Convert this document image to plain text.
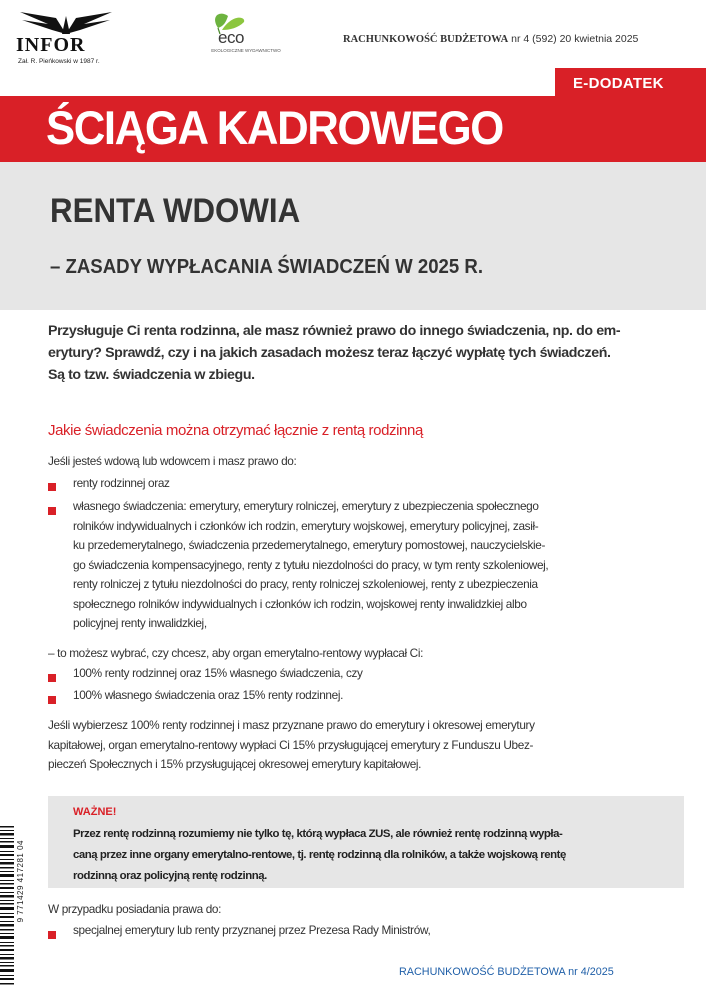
INFOR
Zał. R. Pieńkowski w 1987 r.
eco
EKOLOGICZNE WYDAWNICTWO
RACHUNKOWOŚĆ BUDŻETOWA nr 4 (592) 20 kwietnia 2025
E-DODATEK
ŚCIĄGA KADROWEGO
RENTA WDOWIA
– ZASADY WYPŁACANIA ŚWIADCZEŃ W 2025 R.
Przysługuje Ci renta rodzinna, ale masz również prawo do innego świadczenia, np. do em-
erytury? Sprawdź, czy i na jakich zasadach możesz teraz łączyć wypłatę tych świadczeń.
Są to tzw. świadczenia w zbiegu.
Jakie świadczenia można otrzymać łącznie z rentą rodzinną
Jeśli jesteś wdową lub wdowcem i masz prawo do:
renty rodzinnej oraz
własnego świadczenia: emerytury, emerytury rolniczej, emerytury z ubezpieczenia społecznego
rolników indywidualnych i członków ich rodzin, emerytury wojskowej, emerytury policyjnej, zasił-
ku przedemerytalnego, świadczenia przedemerytalnego, emerytury pomostowej, nauczycielskie-
go świadczenia kompensacyjnego, renty z tytułu niezdolności do pracy, w tym renty szkoleniowej,
renty rolniczej z tytułu niezdolności do pracy, renty rolniczej szkoleniowej, renty z ubezpieczenia
społecznego rolników indywidualnych i członków ich rodzin, wojskowej renty inwalidzkiej albo
policyjnej renty inwalidzkiej,
– to możesz wybrać, czy chcesz, aby organ emerytalno-rentowy wypłacał Ci:
100% renty rodzinnej oraz 15% własnego świadczenia, czy
100% własnego świadczenia oraz 15% renty rodzinnej.
Jeśli wybierzesz 100% renty rodzinnej i masz przyznane prawo do emerytury i okresowej emerytury
kapitałowej, organ emerytalno-rentowy wypłaci Ci 15% przysługującej emerytury z Funduszu Ubez-
pieczeń Społecznych i 15% przysługującej okresowej emerytury kapitałowej.
WAŻNE!
Przez rentę rodzinną rozumiemy nie tylko tę, którą wypłaca ZUS, ale również rentę rodzinną wypła-
caną przez inne organy emerytalno-rentowe, tj. rentę rodzinną dla rolników, a także wojskową rentę
rodzinną oraz policyjną rentę rodzinną.
W przypadku posiadania prawa do:
specjalnej emerytury lub renty przyznanej przez Prezesa Rady Ministrów,
9 771429 417281 04
RACHUNKOWOŚĆ BUDŻETOWA nr 4/2025
